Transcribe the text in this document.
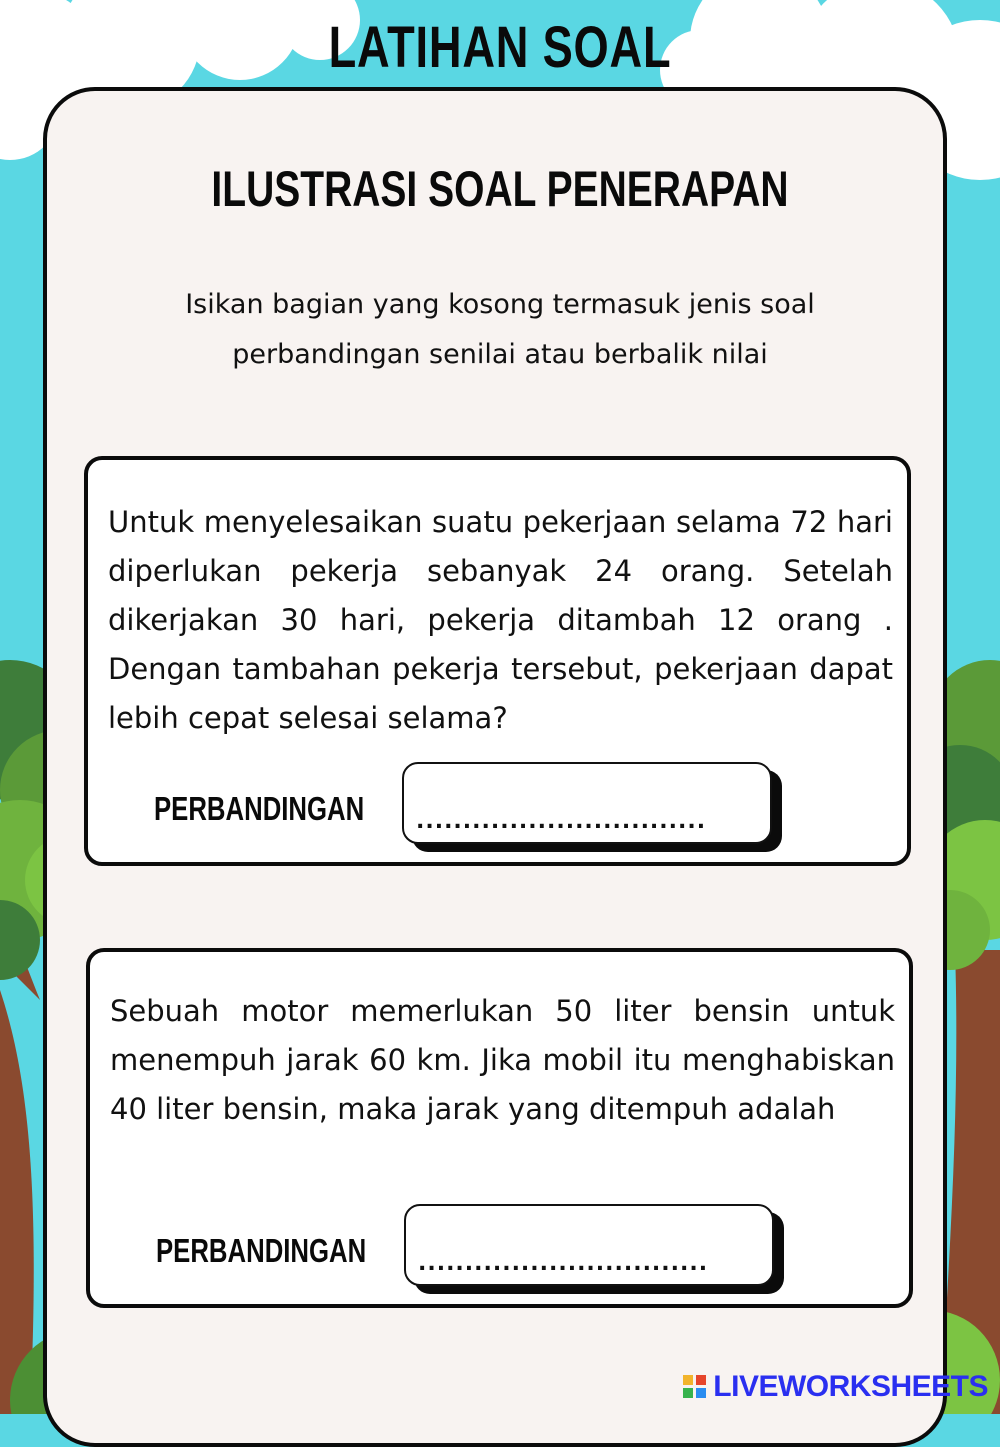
LATIHAN SOAL
ILUSTRASI SOAL PENERAPAN
Isikan bagian yang kosong termasuk jenis soal perbandingan senilai atau berbalik nilai
Untuk menyelesaikan suatu pekerjaan selama 72 hari diperlukan pekerja sebanyak 24 orang. Setelah dikerjakan 30 hari, pekerja ditambah 12 orang . Dengan tambahan pekerja tersebut, pekerjaan dapat lebih cepat selesai selama?
PERBANDINGAN ...............................
Sebuah motor memerlukan 50 liter bensin untuk menempuh jarak 60 km. Jika mobil itu menghabiskan 40 liter bensin, maka jarak yang ditempuh adalah
PERBANDINGAN ...............................
LIVEWORKSHEETS
